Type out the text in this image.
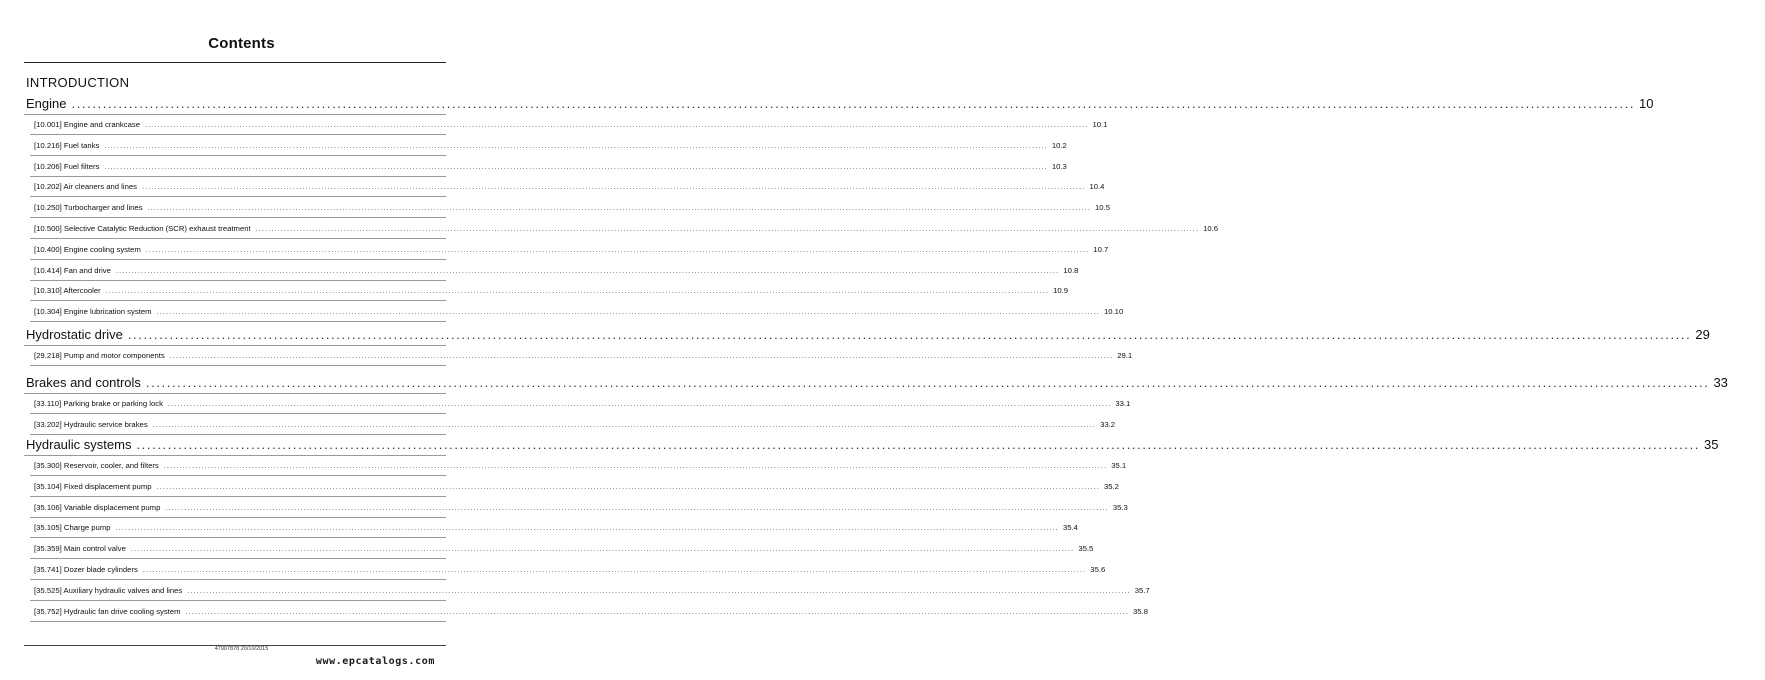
Contents
INTRODUCTION
Engine ............................................................................................................................................................................................................................................................................................................ 10
[10.001] Engine and crankcase ............................................................................................................................................................................................................................................................................................................ 10.1
[10.216] Fuel tanks ............................................................................................................................................................................................................................................................................................................ 10.2
[10.206] Fuel filters ............................................................................................................................................................................................................................................................................................................ 10.3
[10.202] Air cleaners and lines ............................................................................................................................................................................................................................................................................................................ 10.4
[10.250] Turbocharger and lines ............................................................................................................................................................................................................................................................................................................ 10.5
[10.500] Selective Catalytic Reduction (SCR) exhaust treatment ............................................................................................................................................................................................................................................................................................................ 10.6
[10.400] Engine cooling system ............................................................................................................................................................................................................................................................................................................ 10.7
[10.414] Fan and drive ............................................................................................................................................................................................................................................................................................................ 10.8
[10.310] Aftercooler ............................................................................................................................................................................................................................................................................................................ 10.9
[10.304] Engine lubrication system ............................................................................................................................................................................................................................................................................................................ 10.10
Hydrostatic drive ............................................................................................................................................................................................................................................................................................................ 29
[29.218] Pump and motor components ............................................................................................................................................................................................................................................................................................................ 29.1
Brakes and controls ............................................................................................................................................................................................................................................................................................................ 33
[33.110] Parking brake or parking lock ............................................................................................................................................................................................................................................................................................................ 33.1
[33.202] Hydraulic service brakes ............................................................................................................................................................................................................................................................................................................ 33.2
Hydraulic systems ............................................................................................................................................................................................................................................................................................................ 35
[35.300] Reservoir, cooler, and filters ............................................................................................................................................................................................................................................................................................................ 35.1
[35.104] Fixed displacement pump ............................................................................................................................................................................................................................................................................................................ 35.2
[35.106] Variable displacement pump ............................................................................................................................................................................................................................................................................................................ 35.3
[35.105] Charge pump ............................................................................................................................................................................................................................................................................................................ 35.4
[35.359] Main control valve ............................................................................................................................................................................................................................................................................................................ 35.5
[35.741] Dozer blade cylinders ............................................................................................................................................................................................................................................................................................................ 35.6
[35.525] Auxiliary hydraulic valves and lines ............................................................................................................................................................................................................................................................................................................ 35.7
[35.752] Hydraulic fan drive cooling system ............................................................................................................................................................................................................................................................................................................ 35.8
47907878 20/10/2015
www.epcatalogs.com
